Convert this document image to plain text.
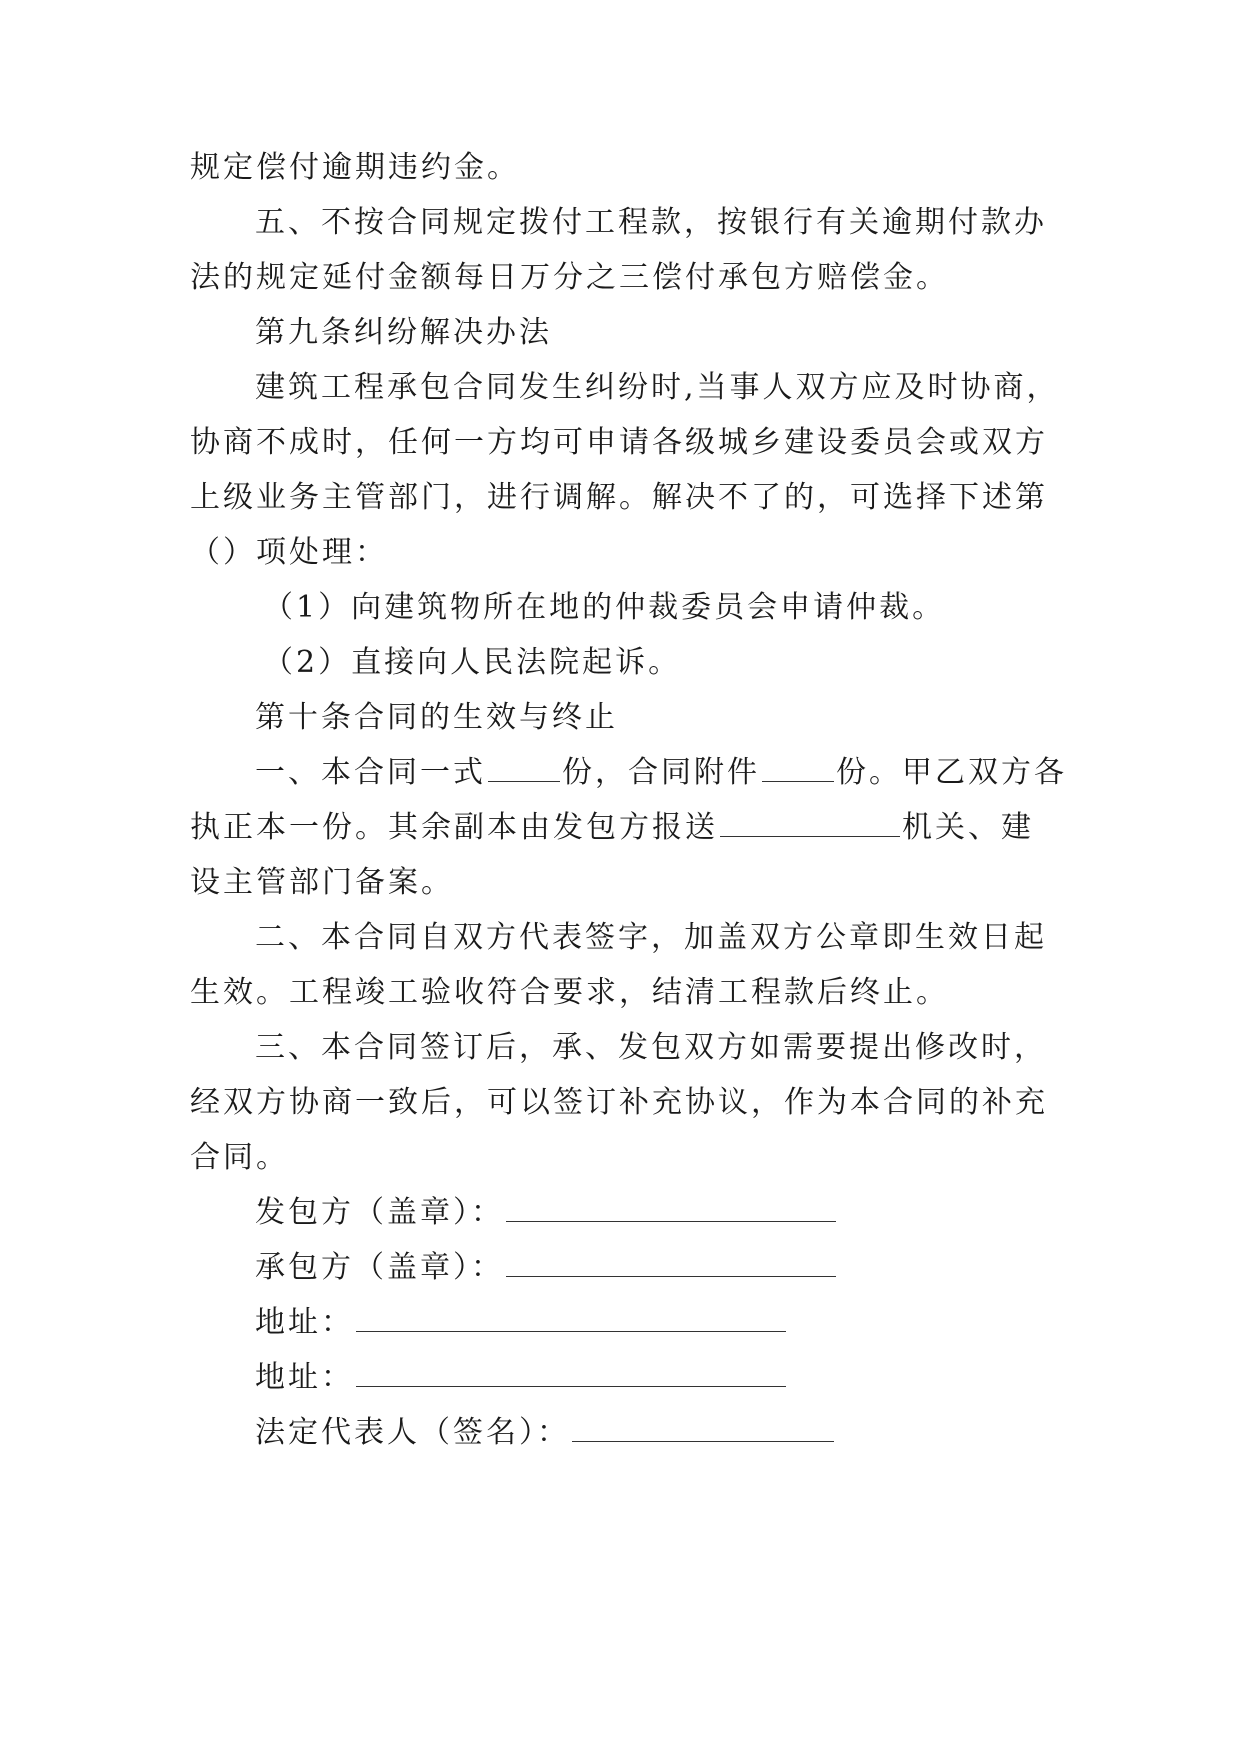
规定偿付逾期违约金。
五、不按合同规定拨付工程款，按银行有关逾期付款办
法的规定延付金额每日万分之三偿付承包方赔偿金。
第九条纠纷解决办法
建筑工程承包合同发生纠纷时,当事人双方应及时协商，
协商不成时，任何一方均可申请各级城乡建设委员会或双方
上级业务主管部门，进行调解。解决不了的，可选择下述第
（）项处理：
（1）向建筑物所在地的仲裁委员会申请仲裁。
（2）直接向人民法院起诉。
第十条合同的生效与终止
一、本合同一式	份，合同附件	份。甲乙双方各
执正本一份。其余副本由发包方报送	机关、建
设主管部门备案。
二、本合同自双方代表签字，加盖双方公章即生效日起
生效。工程竣工验收符合要求，结清工程款后终止。
三、本合同签订后，承、发包双方如需要提出修改时，
经双方协商一致后，可以签订补充协议，作为本合同的补充
合同。
发包方（盖章）：
承包方（盖章）：
地址：
地址：
法定代表人（签名）：
